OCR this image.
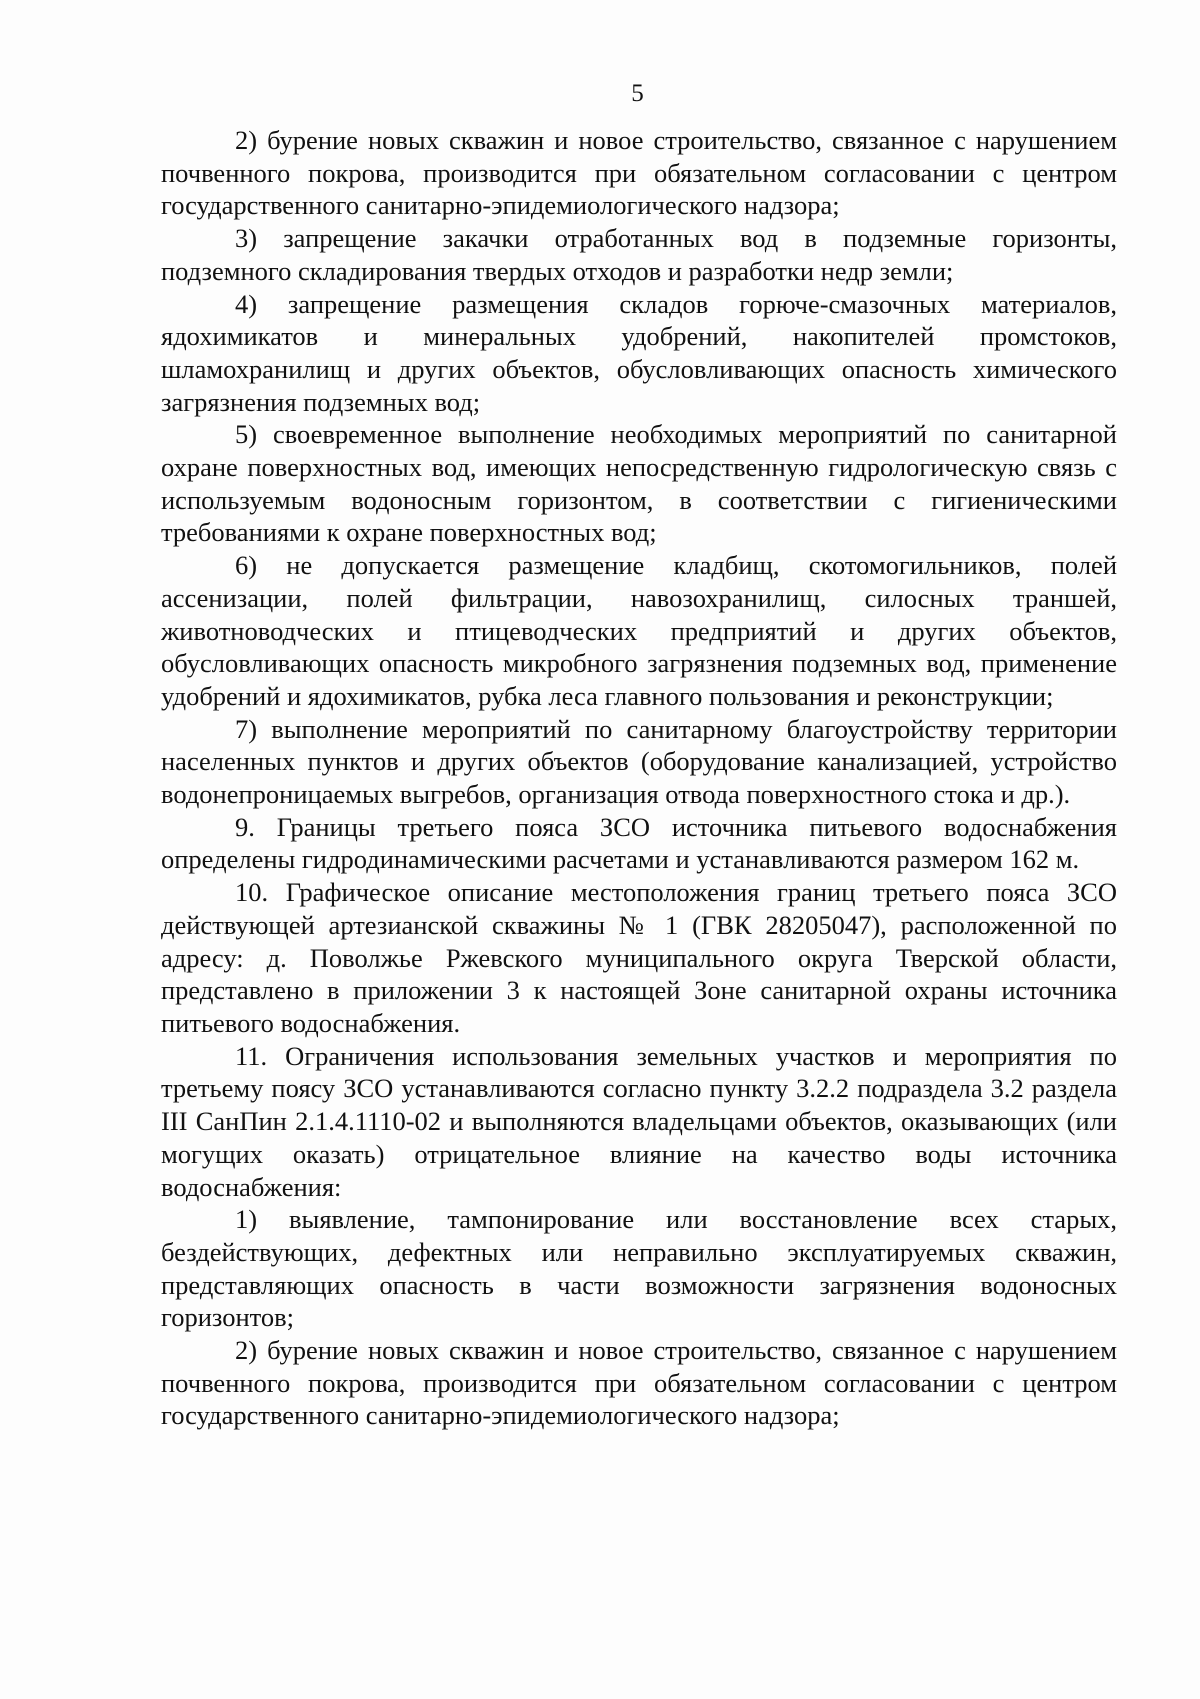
5

2) бурение новых скважин и новое строительство, связанное с нарушением почвенного покрова, производится при обязательном согласовании с центром государственного санитарно-эпидемиологического надзора;

3) запрещение закачки отработанных вод в подземные горизонты, подземного складирования твердых отходов и разработки недр земли;

4) запрещение размещения складов горюче-смазочных материалов, ядохимикатов и минеральных удобрений, накопителей промстоков, шламохранилищ и других объектов, обусловливающих опасность химического загрязнения подземных вод;

5) своевременное выполнение необходимых мероприятий по санитарной охране поверхностных вод, имеющих непосредственную гидрологическую связь с используемым водоносным горизонтом, в соответствии с гигиеническими требованиями к охране поверхностных вод;

6) не допускается размещение кладбищ, скотомогильников, полей ассенизации, полей фильтрации, навозохранилищ, силосных траншей, животноводческих и птицеводческих предприятий и других объектов, обусловливающих опасность микробного загрязнения подземных вод, применение удобрений и ядохимикатов, рубка леса главного пользования и реконструкции;

7) выполнение мероприятий по санитарному благоустройству территории населенных пунктов и других объектов (оборудование канализацией, устройство водонепроницаемых выгребов, организация отвода поверхностного стока и др.).

9. Границы третьего пояса ЗСО источника питьевого водоснабжения определены гидродинамическими расчетами и устанавливаются размером 162 м.

10. Графическое описание местоположения границ третьего пояса ЗСО действующей артезианской скважины № 1 (ГВК 28205047), расположенной по адресу: д. Поволжье Ржевского муниципального округа Тверской области, представлено в приложении 3 к настоящей Зоне санитарной охраны источника питьевого водоснабжения.

11. Ограничения использования земельных участков и мероприятия по третьему поясу ЗСО устанавливаются согласно пункту 3.2.2 подраздела 3.2 раздела III СанПин 2.1.4.1110-02 и выполняются владельцами объектов, оказывающих (или могущих оказать) отрицательное влияние на качество воды источника водоснабжения:

1) выявление, тампонирование или восстановление всех старых, бездействующих, дефектных или неправильно эксплуатируемых скважин, представляющих опасность в части возможности загрязнения водоносных горизонтов;

2) бурение новых скважин и новое строительство, связанное с нарушением почвенного покрова, производится при обязательном согласовании с центром государственного санитарно-эпидемиологического надзора;
